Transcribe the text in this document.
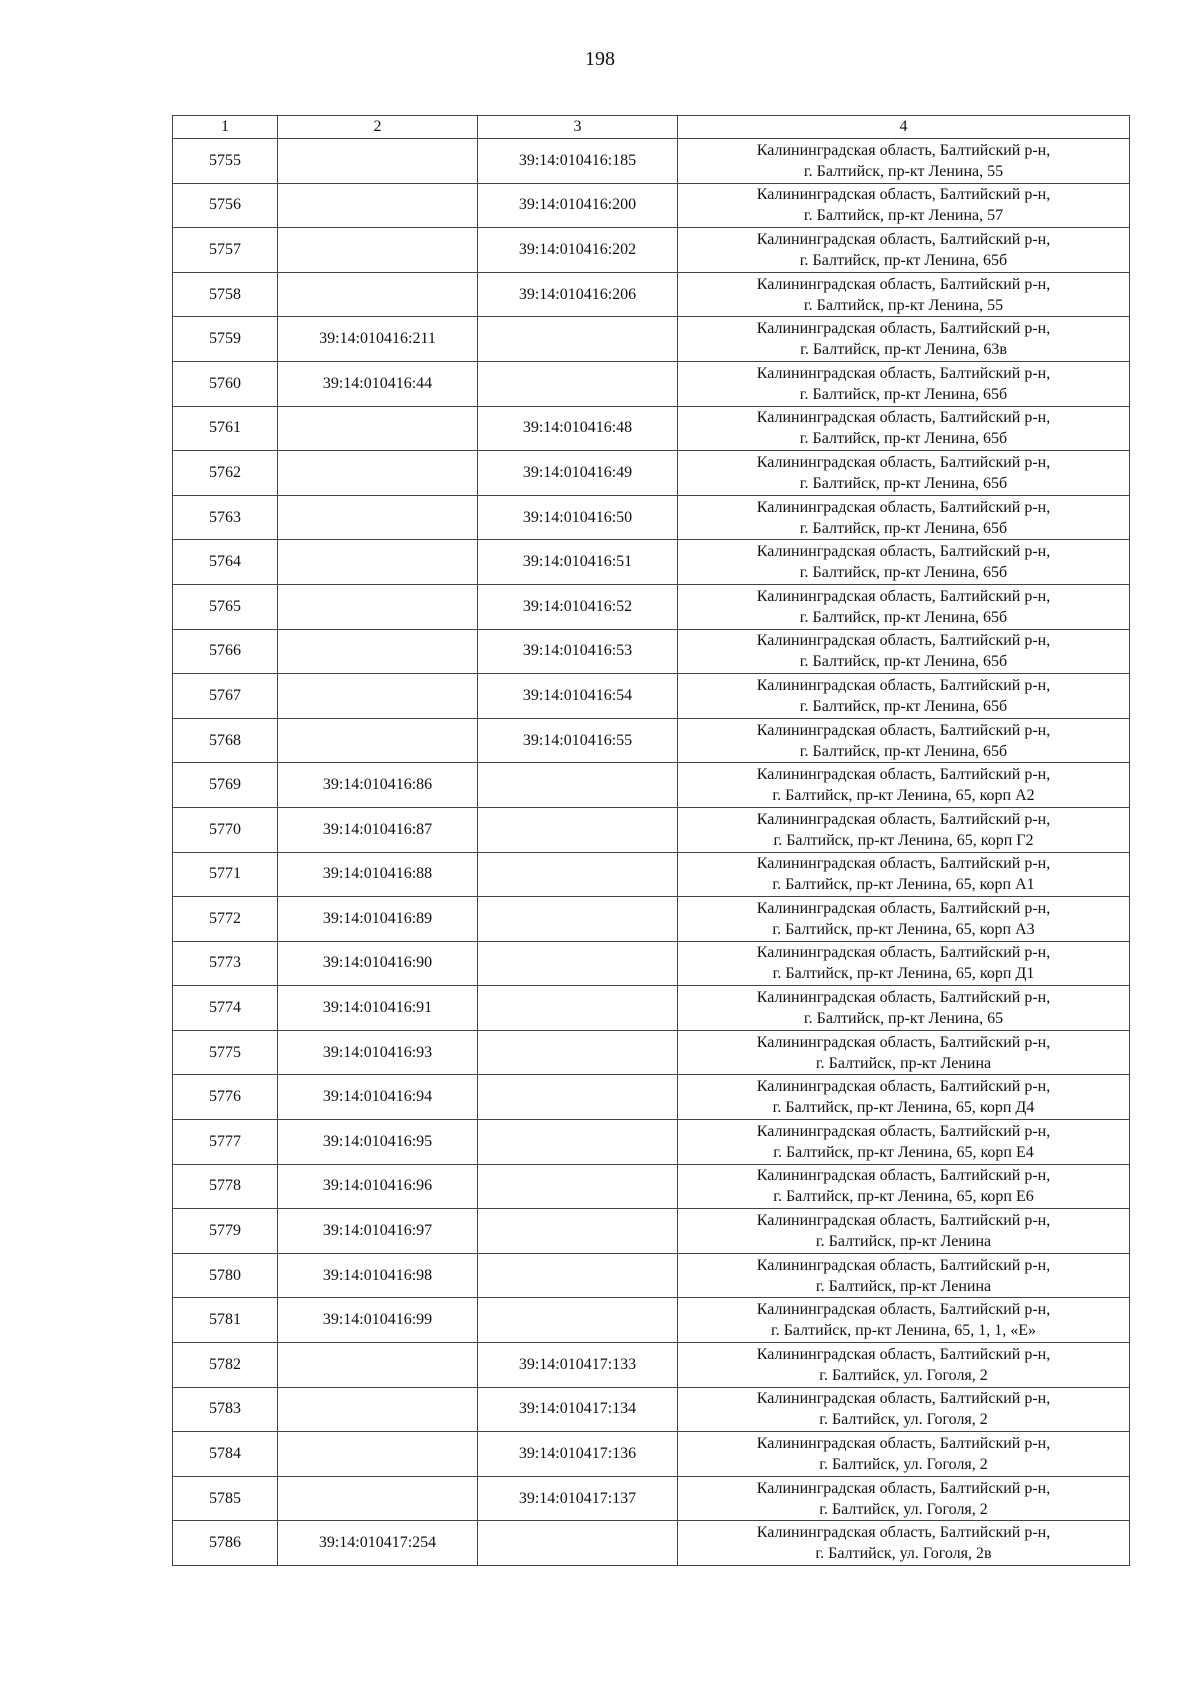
198
1	2	3	4
5755		39:14:010416:185	Калининградская область, Балтийский р-н,
г. Балтийск, пр-кт Ленина, 55

5756		39:14:010416:200	Калининградская область, Балтийский р-н,
г. Балтийск, пр-кт Ленина, 57

5757		39:14:010416:202	Калининградская область, Балтийский р-н,
г. Балтийск, пр-кт Ленина, 65б

5758		39:14:010416:206	Калининградская область, Балтийский р-н,
г. Балтийск, пр-кт Ленина, 55

5759	39:14:010416:211		Калининградская область, Балтийский р-н,
г. Балтийск, пр-кт Ленина, 63в

5760	39:14:010416:44		Калининградская область, Балтийский р-н,
г. Балтийск, пр-кт Ленина, 65б

5761		39:14:010416:48	Калининградская область, Балтийский р-н,
г. Балтийск, пр-кт Ленина, 65б

5762		39:14:010416:49	Калининградская область, Балтийский р-н,
г. Балтийск, пр-кт Ленина, 65б

5763		39:14:010416:50	Калининградская область, Балтийский р-н,
г. Балтийск, пр-кт Ленина, 65б

5764		39:14:010416:51	Калининградская область, Балтийский р-н,
г. Балтийск, пр-кт Ленина, 65б

5765		39:14:010416:52	Калининградская область, Балтийский р-н,
г. Балтийск, пр-кт Ленина, 65б

5766		39:14:010416:53	Калининградская область, Балтийский р-н,
г. Балтийск, пр-кт Ленина, 65б

5767		39:14:010416:54	Калининградская область, Балтийский р-н,
г. Балтийск, пр-кт Ленина, 65б

5768		39:14:010416:55	Калининградская область, Балтийский р-н,
г. Балтийск, пр-кт Ленина, 65б

5769	39:14:010416:86		Калининградская область, Балтийский р-н,
г. Балтийск, пр-кт Ленина, 65, корп А2

5770	39:14:010416:87		Калининградская область, Балтийский р-н,
г. Балтийск, пр-кт Ленина, 65, корп Г2

5771	39:14:010416:88		Калининградская область, Балтийский р-н,
г. Балтийск, пр-кт Ленина, 65, корп А1

5772	39:14:010416:89		Калининградская область, Балтийский р-н,
г. Балтийск, пр-кт Ленина, 65, корп А3

5773	39:14:010416:90		Калининградская область, Балтийский р-н,
г. Балтийск, пр-кт Ленина, 65, корп Д1

5774	39:14:010416:91		Калининградская область, Балтийский р-н,
г. Балтийск, пр-кт Ленина, 65

5775	39:14:010416:93		Калининградская область, Балтийский р-н,
г. Балтийск, пр-кт Ленина

5776	39:14:010416:94		Калининградская область, Балтийский р-н,
г. Балтийск, пр-кт Ленина, 65, корп Д4

5777	39:14:010416:95		Калининградская область, Балтийский р-н,
г. Балтийск, пр-кт Ленина, 65, корп Е4

5778	39:14:010416:96		Калининградская область, Балтийский р-н,
г. Балтийск, пр-кт Ленина, 65, корп Е6

5779	39:14:010416:97		Калининградская область, Балтийский р-н,
г. Балтийск, пр-кт Ленина

5780	39:14:010416:98		Калининградская область, Балтийский р-н,
г. Балтийск, пр-кт Ленина

5781	39:14:010416:99		Калининградская область, Балтийский р-н,
г. Балтийск, пр-кт Ленина, 65, 1, 1, «Е»

5782		39:14:010417:133	Калининградская область, Балтийский р-н,
г. Балтийск, ул. Гоголя, 2

5783		39:14:010417:134	Калининградская область, Балтийский р-н,
г. Балтийск, ул. Гоголя, 2

5784		39:14:010417:136	Калининградская область, Балтийский р-н,
г. Балтийск, ул. Гоголя, 2

5785		39:14:010417:137	Калининградская область, Балтийский р-н,
г. Балтийск, ул. Гоголя, 2

5786	39:14:010417:254		Калининградская область, Балтийский р-н,
г. Балтийск, ул. Гоголя, 2в
